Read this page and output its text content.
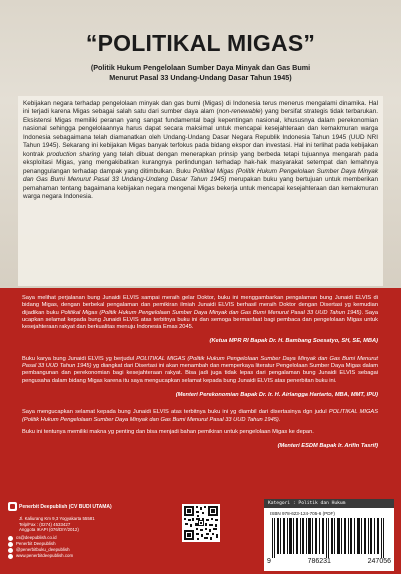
“POLITIKAL MIGAS”
(Politik Hukum Pengelolaan Sumber Daya Minyak dan Gas Bumi
Menurut Pasal 33 Undang-Undang Dasar Tahun 1945)

Kebijakan negara terhadap pengelolaan minyak dan gas bumi (Migas) di Indonesia terus menerus mengalami dinamika. Hal ini terjadi karena Migas sebagai salah satu dari sumber daya alam (non-renewable) yang bersifat strategis tidak terbarukan. Eksistensi Migas memiliki peranan yang sangat fundamental bagi kepentingan nasional, khususnya dalam perekonomian nasional sehingga pengelolaannya harus dapat secara maksimal untuk mencapai kesejahteraan dan kemakmuran warga Indonesia sebagaimana telah diamanatkan oleh Undang-Undang Dasar Negara Republik Indonesia Tahun 1945 (UUD NRI Tahun 1945). Sekarang ini kebijakan Migas banyak terfokus pada bidang ekspor dan investasi. Hal ini terlihat pada kebijakan kontrak production sharing yang telah dibuat dengan menerapkan prinsip yang berbeda tetapi tujuannya mengarah pada eksploitasi Migas, yang mengakibatkan kurangnya perlindungan terhadap hak-hak masyarakat setempat dan lemahnya penanggulangan terhadap dampak yang ditimbulkan. Buku Politikal Migas (Politik Hukum Pengelolaan Sumber Daya Minyak dan Gas Bumi Menurut Pasal 33 Undang-Undang Dasar Tahun 1945) merupakan buku yang bertujuan untuk memberikan pemahaman tentang bagaimana kebijakan negara mengenai Migas bekerja untuk mencapai kesejahteraan dan kemakmuran warga negara Indonesia.

Saya melihat perjalanan bung Junaidi ELVIS sampai meraih gelar Doktor, buku ini menggambarkan pengalaman bung Junaidi ELVIS di bidang Migas, dengan berbekal pengalaman dan pemikiran ilmiah Junaidi ELVIS berhasil meraih Doktor dengan Disertasi yg kemudian dijadikan buku Politikal Migas (Politik Hukum Pengelolaan Sumber Daya Minyak dan Gas Bumi Menurut Pasal 33 UUD Tahun 1945). Saya ucapkan selamat kepada bung Junaidi ELVIS atas terbitnya buku ini dan semoga bermanfaat bagi pembaca dan pengelolaan Migas untuk kesejahteraan rakyat dan berkualitas menuju Indonesia Emas 2045.

(Ketua MPR RI Bapak Dr. H. Bambang Soesatyo, SH, SE, MBA)

Buku karya bung Junaidi ELVIS yg berjudul POLITIKAL MIGAS (Politik Hukum Pengelolaan Sumber Daya Minyak dan Gas Bumi Menurut Pasal 33 UUD Tahun 1945) yg diangkat dari Disertasi ini akan menambah dan memperkaya literatur Pengelolaan Sumber Daya Migas dalam pembangunan dan perekonomian bagi kesejahteraan rakyat. Bisa jadi juga tidak lepas dari pengalaman bung Junaidi ELVIS sebagai pengusaha dalam bidang Migas karena itu saya mengucapkan selamat kepada bung Junaidi ELVIS atas penerbitan buku ini.

(Menteri Perekonomian Bapak Dr. Ir. H. Airlangga Hartarto, MBA, MMT, IPU)

Saya mengucapkan selamat kepada bung Junaidi ELVIS atas terbitnya buku ini yg diambil dari disertasinya dgn judul POLITIKAL MIGAS (Politik Hukum Pengelolaan Sumber Daya Minyak dan Gas Bumi Menurut Pasal 33 UUD Tahun 1945).

Buku ini tentunya memiliki makna yg penting dan bisa menjadi bahan pemikiran untuk pengelolaan Migas ke depan.

(Menteri ESDM Bapak Ir. Arifin Tasrif)

Penerbit Deepublish (CV BUDI UTAMA)
Jl. Kaliurang Km 9,3 Yogyakarta 55581
Telp/Fax : (0274) 4533427
Anggota IKAPI (076/DIY/2012)
cs@deepublish.co.id
Penerbit Deepublish
@penerbitbuku_deepublish
www.penerbitdeepublish.com
Kategori : Politik dan Hukum
ISBN 978-623-124-705-6 (PDF)
9	786231	247056
